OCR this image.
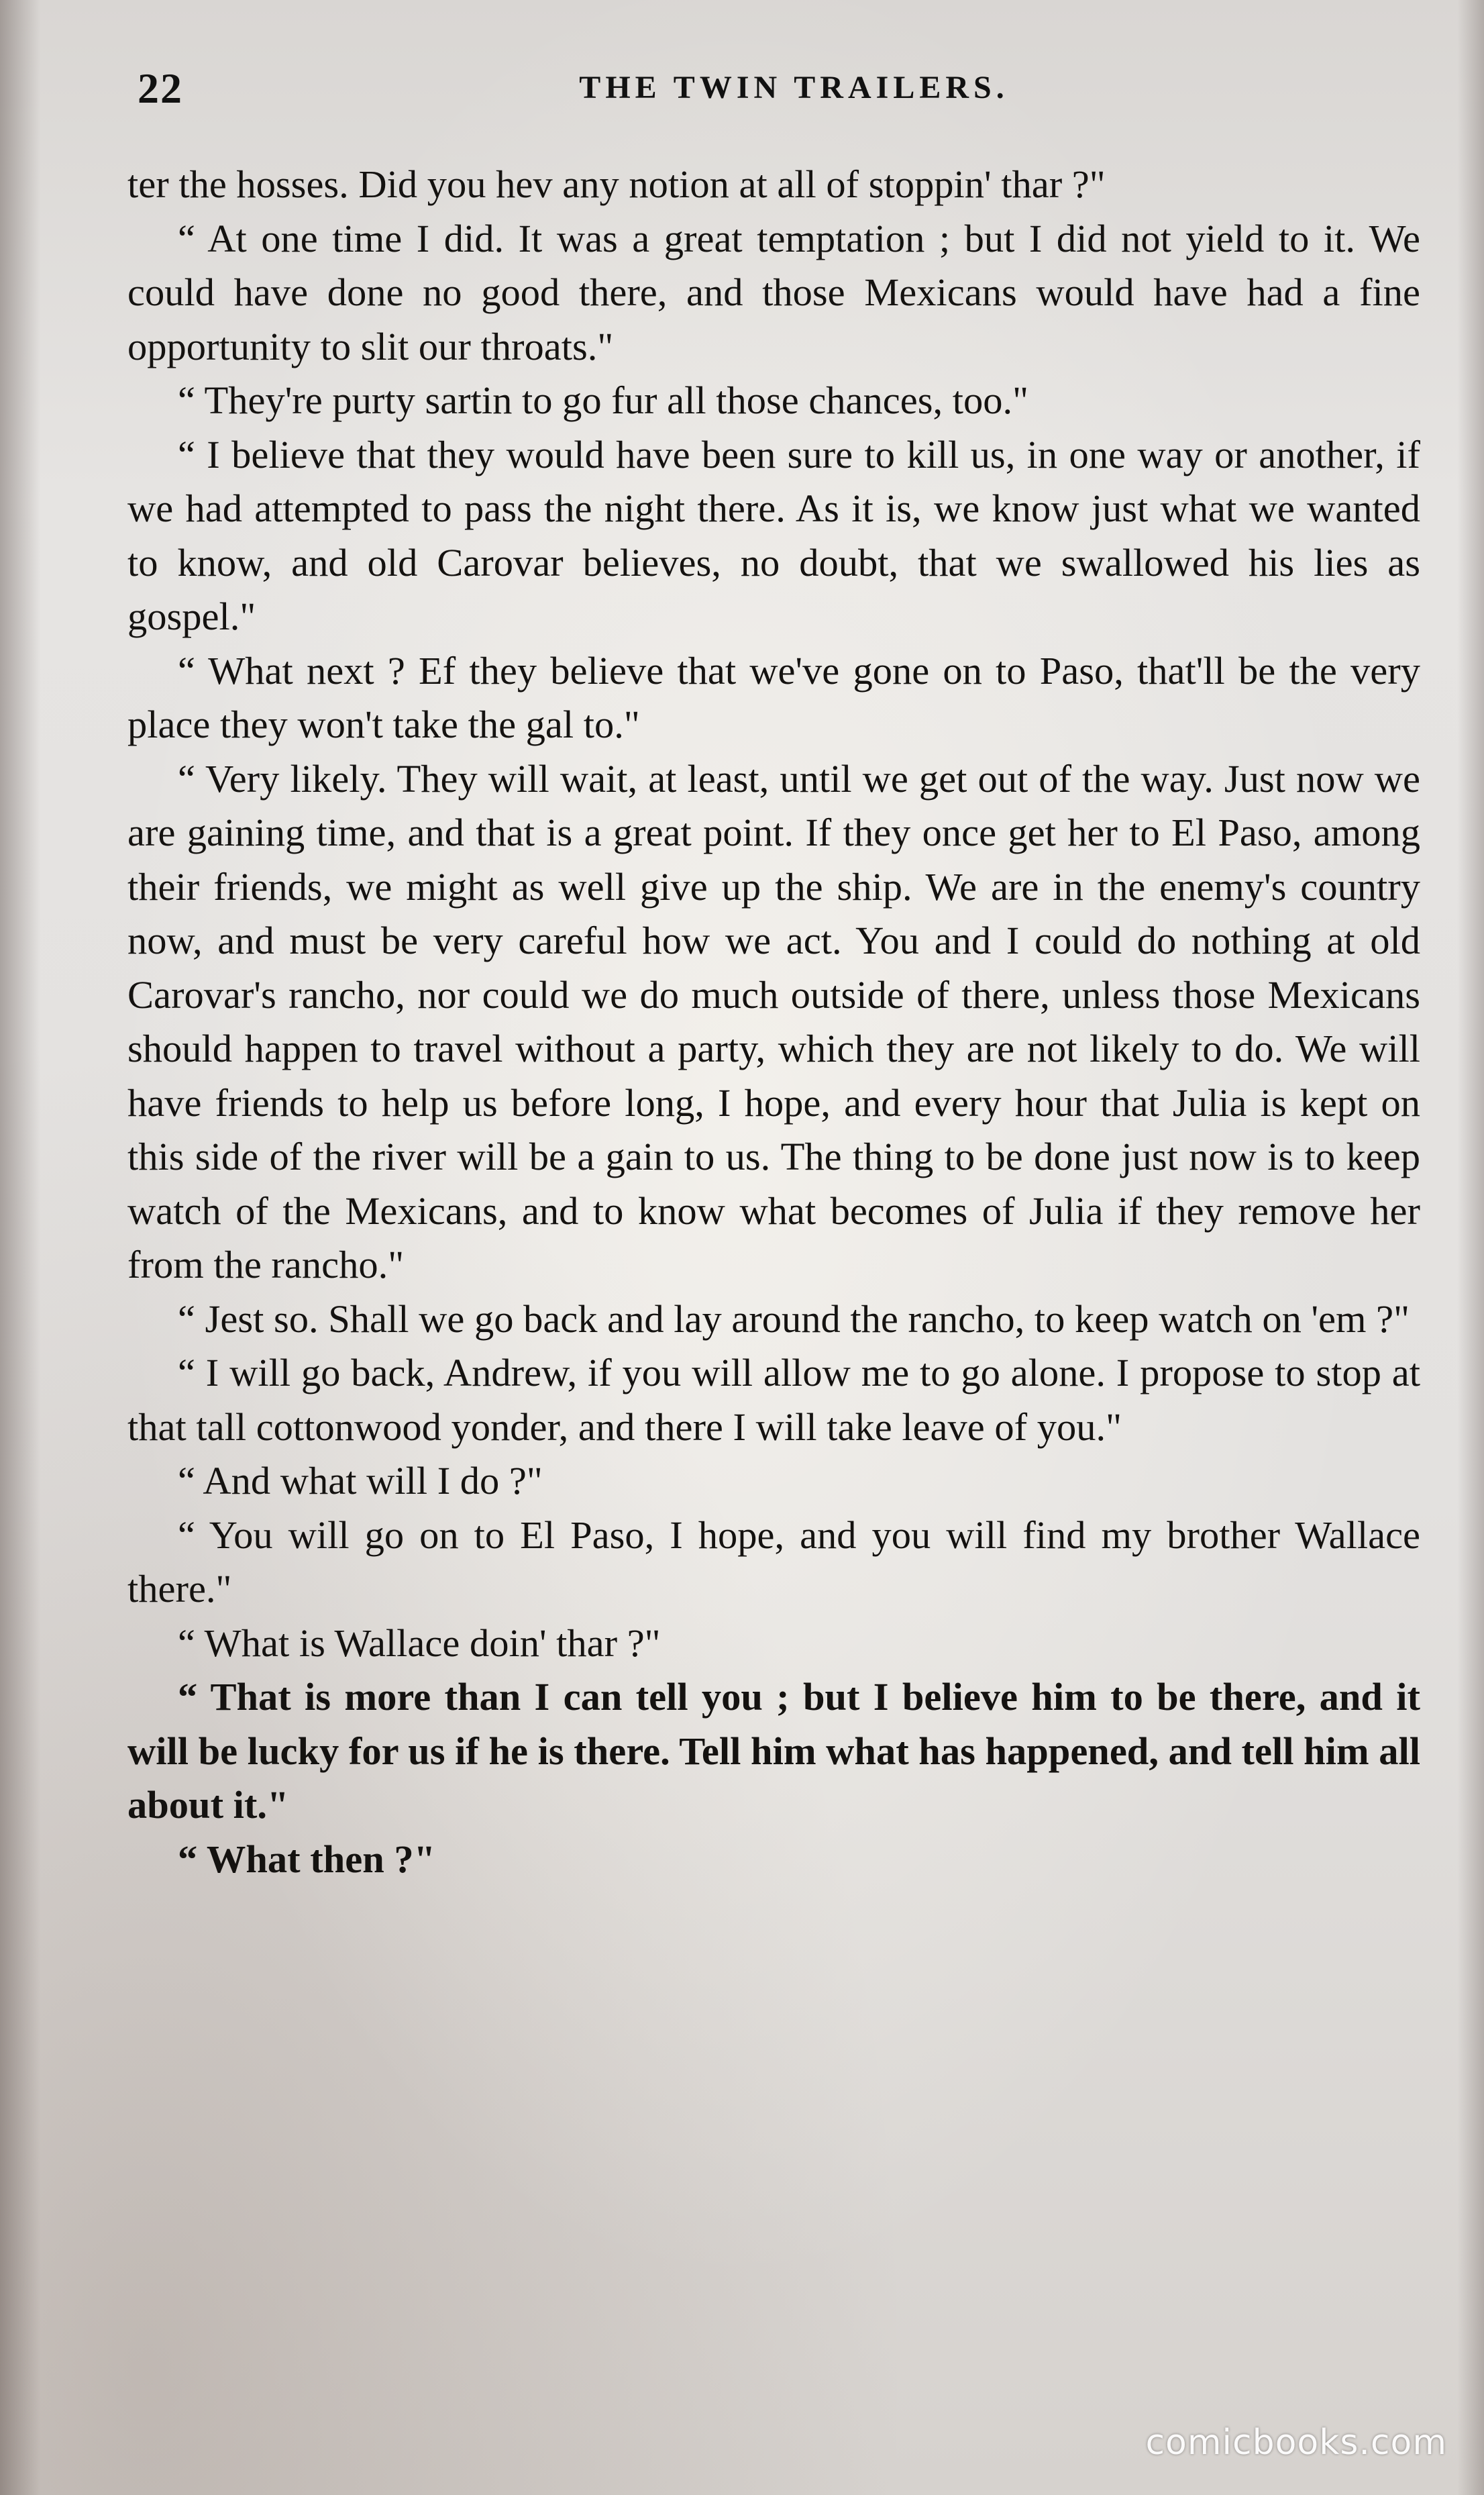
22	THE TWIN TRAILERS.

ter the hosses. Did you hev any notion at all of stoppin' thar ?"

“ At one time I did. It was a great temptation ; but I did not yield to it. We could have done no good there, and those Mexicans would have had a fine opportunity to slit our throats."

“ They're purty sartin to go fur all those chances, too."

“ I believe that they would have been sure to kill us, in one way or another, if we had attempted to pass the night there. As it is, we know just what we wanted to know, and old Carovar believes, no doubt, that we swallowed his lies as gospel."

“ What next ? Ef they believe that we've gone on to Paso, that'll be the very place they won't take the gal to."

“ Very likely. They will wait, at least, until we get out of the way. Just now we are gaining time, and that is a great point. If they once get her to El Paso, among their friends, we might as well give up the ship. We are in the enemy's country now, and must be very careful how we act. You and I could do nothing at old Carovar's rancho, nor could we do much outside of there, unless those Mexicans should happen to travel without a party, which they are not likely to do. We will have friends to help us before long, I hope, and every hour that Julia is kept on this side of the river will be a gain to us. The thing to be done just now is to keep watch of the Mexicans, and to know what becomes of Julia if they remove her from the rancho."

“ Jest so. Shall we go back and lay around the rancho, to keep watch on 'em ?"

“ I will go back, Andrew, if you will allow me to go alone. I propose to stop at that tall cottonwood yonder, and there I will take leave of you."

“ And what will I do ?"

“ You will go on to El Paso, I hope, and you will find my brother Wallace there."

“ What is Wallace doin' thar ?"

“ That is more than I can tell you ; but I believe him to be there, and it will be lucky for us if he is there. Tell him what has happened, and tell him all about it."

“ What then ?"

comicbooks.com
